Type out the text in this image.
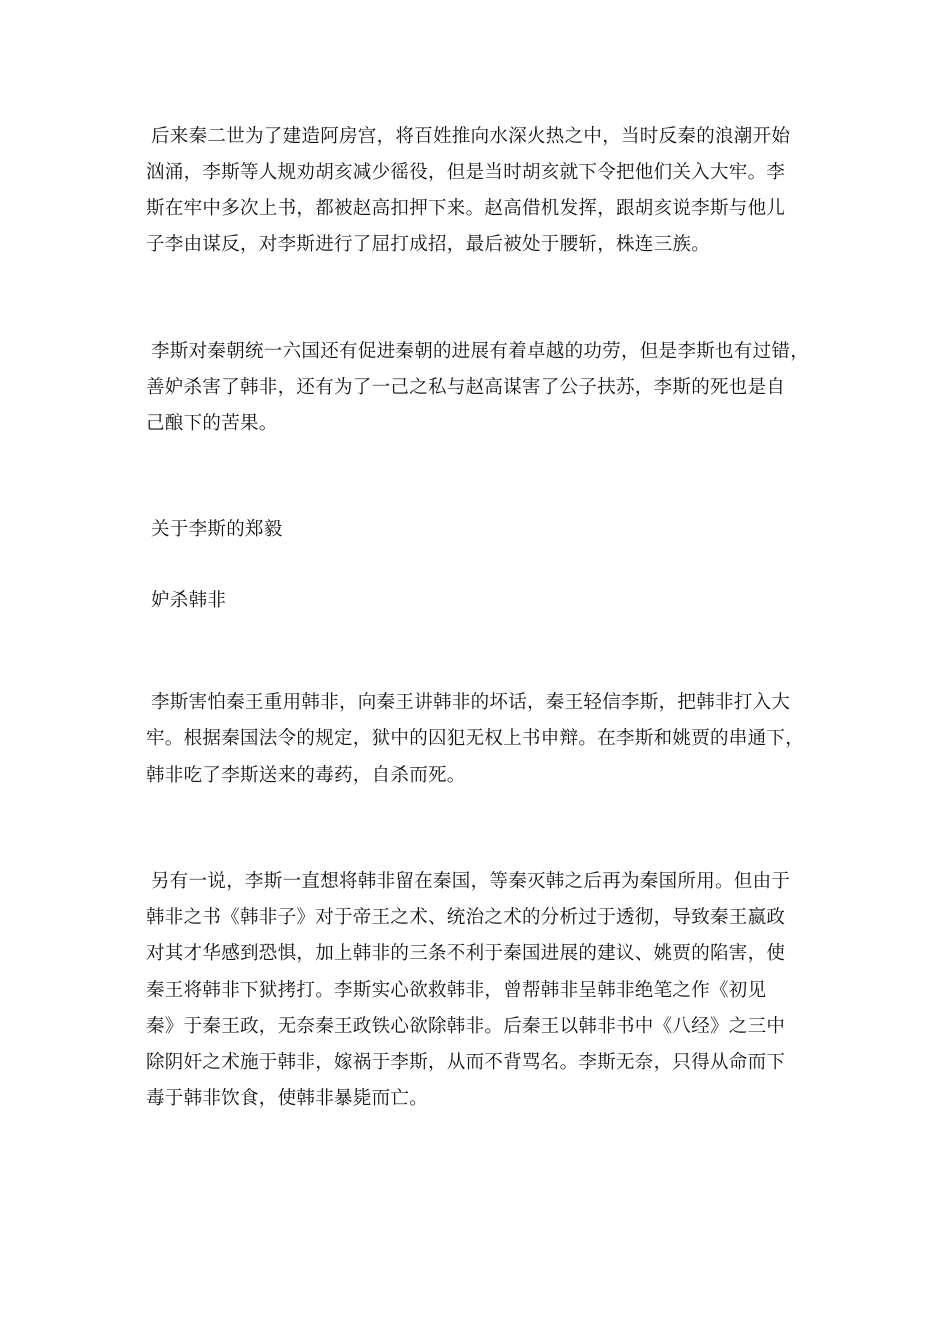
后来秦二世为了建造阿房宫，将百姓推向水深火热之中，当时反秦的浪潮开始
汹涌，李斯等人规劝胡亥减少徭役，但是当时胡亥就下令把他们关入大牢。李
斯在牢中多次上书，都被赵高扣押下来。赵高借机发挥，跟胡亥说李斯与他儿
子李由谋反，对李斯进行了屈打成招，最后被处于腰斩，株连三族。
李斯对秦朝统一六国还有促进秦朝的进展有着卓越的功劳，但是李斯也有过错，
善妒杀害了韩非，还有为了一己之私与赵高谋害了公子扶苏，李斯的死也是自
己酿下的苦果。
关于李斯的郑毅
妒杀韩非
李斯害怕秦王重用韩非，向秦王讲韩非的坏话，秦王轻信李斯，把韩非打入大
牢。根据秦国法令的规定，狱中的囚犯无权上书申辩。在李斯和姚贾的串通下，
韩非吃了李斯送来的毒药，自杀而死。
另有一说，李斯一直想将韩非留在秦国，等秦灭韩之后再为秦国所用。但由于
韩非之书《韩非子》对于帝王之术、统治之术的分析过于透彻，导致秦王嬴政
对其才华感到恐惧，加上韩非的三条不利于秦国进展的建议、姚贾的陷害，使
秦王将韩非下狱拷打。李斯实心欲救韩非，曾帮韩非呈韩非绝笔之作《初见
秦》于秦王政，无奈秦王政铁心欲除韩非。后秦王以韩非书中《八经》之三中
除阴奸之术施于韩非，嫁祸于李斯，从而不背骂名。李斯无奈，只得从命而下
毒于韩非饮食，使韩非暴毙而亡。
